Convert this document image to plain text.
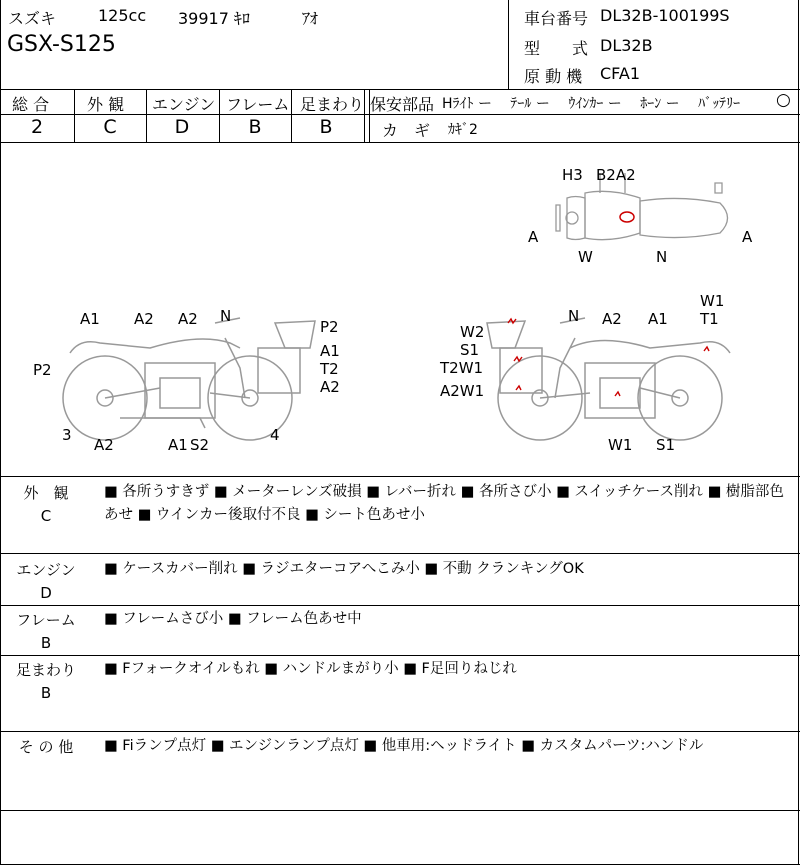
スズキ	125cc 39917 ｷﾛ	ｱｵ
GSX-S125
車台番号 DL32B-100199S
型　　式 DL32B
原 動 機 CFA1
総 合 外 観 エンジン フレーム 足まわり
2	C	D	B	B
保安部品 Hﾗｲﾄ ー　 ﾃｰﾙ ー　 ｳｲﾝｶｰ ー　 ﾎｰﾝ ー　 ﾊﾞｯﾃﾘｰ ○
カ　ギ ｶｷﾞ2
H3 B2A2
A
W	N
A
A1 A2 A2 N
P2
P2
A1
T2
A2
3
A2	A1 S2
4
W1
T1
N A2 A1
W2
S1
T2W1
A2W1
W1 S1
外　観
C
■ 各所うすきず ■ メーターレンズ破損 ■ レバー折れ ■ 各所さび小 ■ スイッチケース削れ ■ 樹脂部色あせ ■ ウインカー後取付不良 ■ シート色あせ小
エンジン
D
■ ケースカバー削れ ■ ラジエターコアへこみ小 ■ 不動 クランキングOK
フレーム
B
■ フレームさび小 ■ フレーム色あせ中
足まわり
B
■ Fフォークオイルもれ ■ ハンドルまがり小 ■ F足回りねじれ
そ の 他	■ Fiランプ点灯 ■ エンジンランプ点灯 ■ 他車用:ヘッドライト ■ カスタムパーツ:ハンドル
